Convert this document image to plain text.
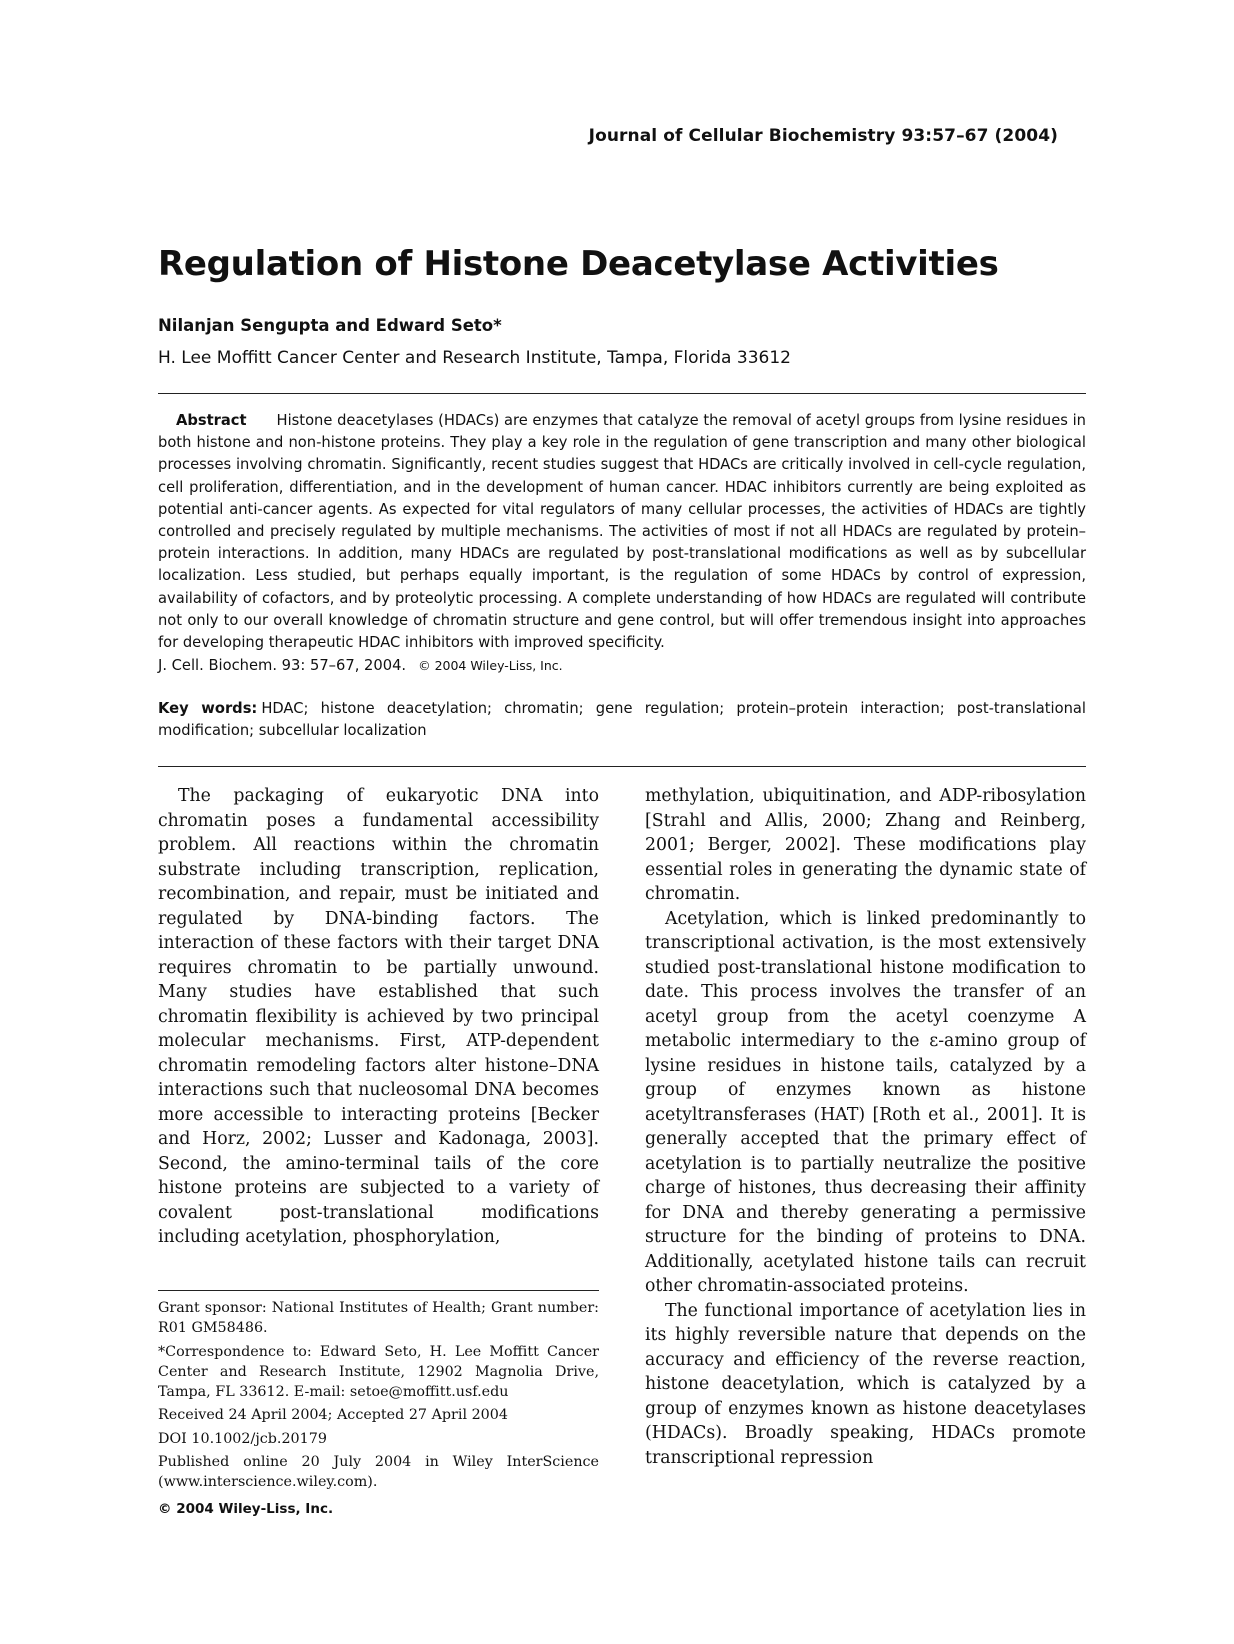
Journal of Cellular Biochemistry 93:57–67 (2004)
Regulation of Histone Deacetylase Activities
Nilanjan Sengupta and Edward Seto*
H. Lee Moffitt Cancer Center and Research Institute, Tampa, Florida 33612
Abstract Histone deacetylases (HDACs) are enzymes that catalyze the removal of acetyl groups from lysine residues in both histone and non-histone proteins. They play a key role in the regulation of gene transcription and many other biological processes involving chromatin. Significantly, recent studies suggest that HDACs are critically involved in cell-cycle regulation, cell proliferation, differentiation, and in the development of human cancer. HDAC inhibitors currently are being exploited as potential anti-cancer agents. As expected for vital regulators of many cellular processes, the activities of HDACs are tightly controlled and precisely regulated by multiple mechanisms. The activities of most if not all HDACs are regulated by protein–protein interactions. In addition, many HDACs are regulated by post-translational modifications as well as by subcellular localization. Less studied, but perhaps equally important, is the regulation of some HDACs by control of expression, availability of cofactors, and by proteolytic processing. A complete understanding of how HDACs are regulated will contribute not only to our overall knowledge of chromatin structure and gene control, but will offer tremendous insight into approaches for developing therapeutic HDAC inhibitors with improved specificity.
J. Cell. Biochem. 93: 57–67, 2004. © 2004 Wiley-Liss, Inc.
Key words: HDAC; histone deacetylation; chromatin; gene regulation; protein–protein interaction; post-translational modification; subcellular localization

The packaging of eukaryotic DNA into chromatin poses a fundamental accessibility problem. All reactions within the chromatin substrate including transcription, replication, recombination, and repair, must be initiated and regulated by DNA-binding factors. The interaction of these factors with their target DNA requires chromatin to be partially unwound. Many studies have established that such chromatin flexibility is achieved by two principal molecular mechanisms. First, ATP-dependent chromatin remodeling factors alter histone–DNA interactions such that nucleosomal DNA becomes more accessible to interacting proteins [Becker and Horz, 2002; Lusser and Kadonaga, 2003]. Second, the amino-terminal tails of the core histone proteins are subjected to a variety of covalent post-translational modifications including acetylation, phosphorylation,

methylation, ubiquitination, and ADP-ribosylation [Strahl and Allis, 2000; Zhang and Reinberg, 2001; Berger, 2002]. These modifications play essential roles in generating the dynamic state of chromatin.

Acetylation, which is linked predominantly to transcriptional activation, is the most extensively studied post-translational histone modification to date. This process involves the transfer of an acetyl group from the acetyl coenzyme A metabolic intermediary to the ε-amino group of lysine residues in histone tails, catalyzed by a group of enzymes known as histone acetyltransferases (HAT) [Roth et al., 2001]. It is generally accepted that the primary effect of acetylation is to partially neutralize the positive charge of histones, thus decreasing their affinity for DNA and thereby generating a permissive structure for the binding of proteins to DNA. Additionally, acetylated histone tails can recruit other chromatin-associated proteins.

The functional importance of acetylation lies in its highly reversible nature that depends on the accuracy and efficiency of the reverse reaction, histone deacetylation, which is catalyzed by a group of enzymes known as histone deacetylases (HDACs). Broadly speaking, HDACs promote transcriptional repression

Grant sponsor: National Institutes of Health; Grant number: R01 GM58486.

*Correspondence to: Edward Seto, H. Lee Moffitt Cancer Center and Research Institute, 12902 Magnolia Drive, Tampa, FL 33612. E-mail: setoe@moffitt.usf.edu

Received 24 April 2004; Accepted 27 April 2004

DOI 10.1002/jcb.20179

Published online 20 July 2004 in Wiley InterScience (www.interscience.wiley.com).

© 2004 Wiley-Liss, Inc.
